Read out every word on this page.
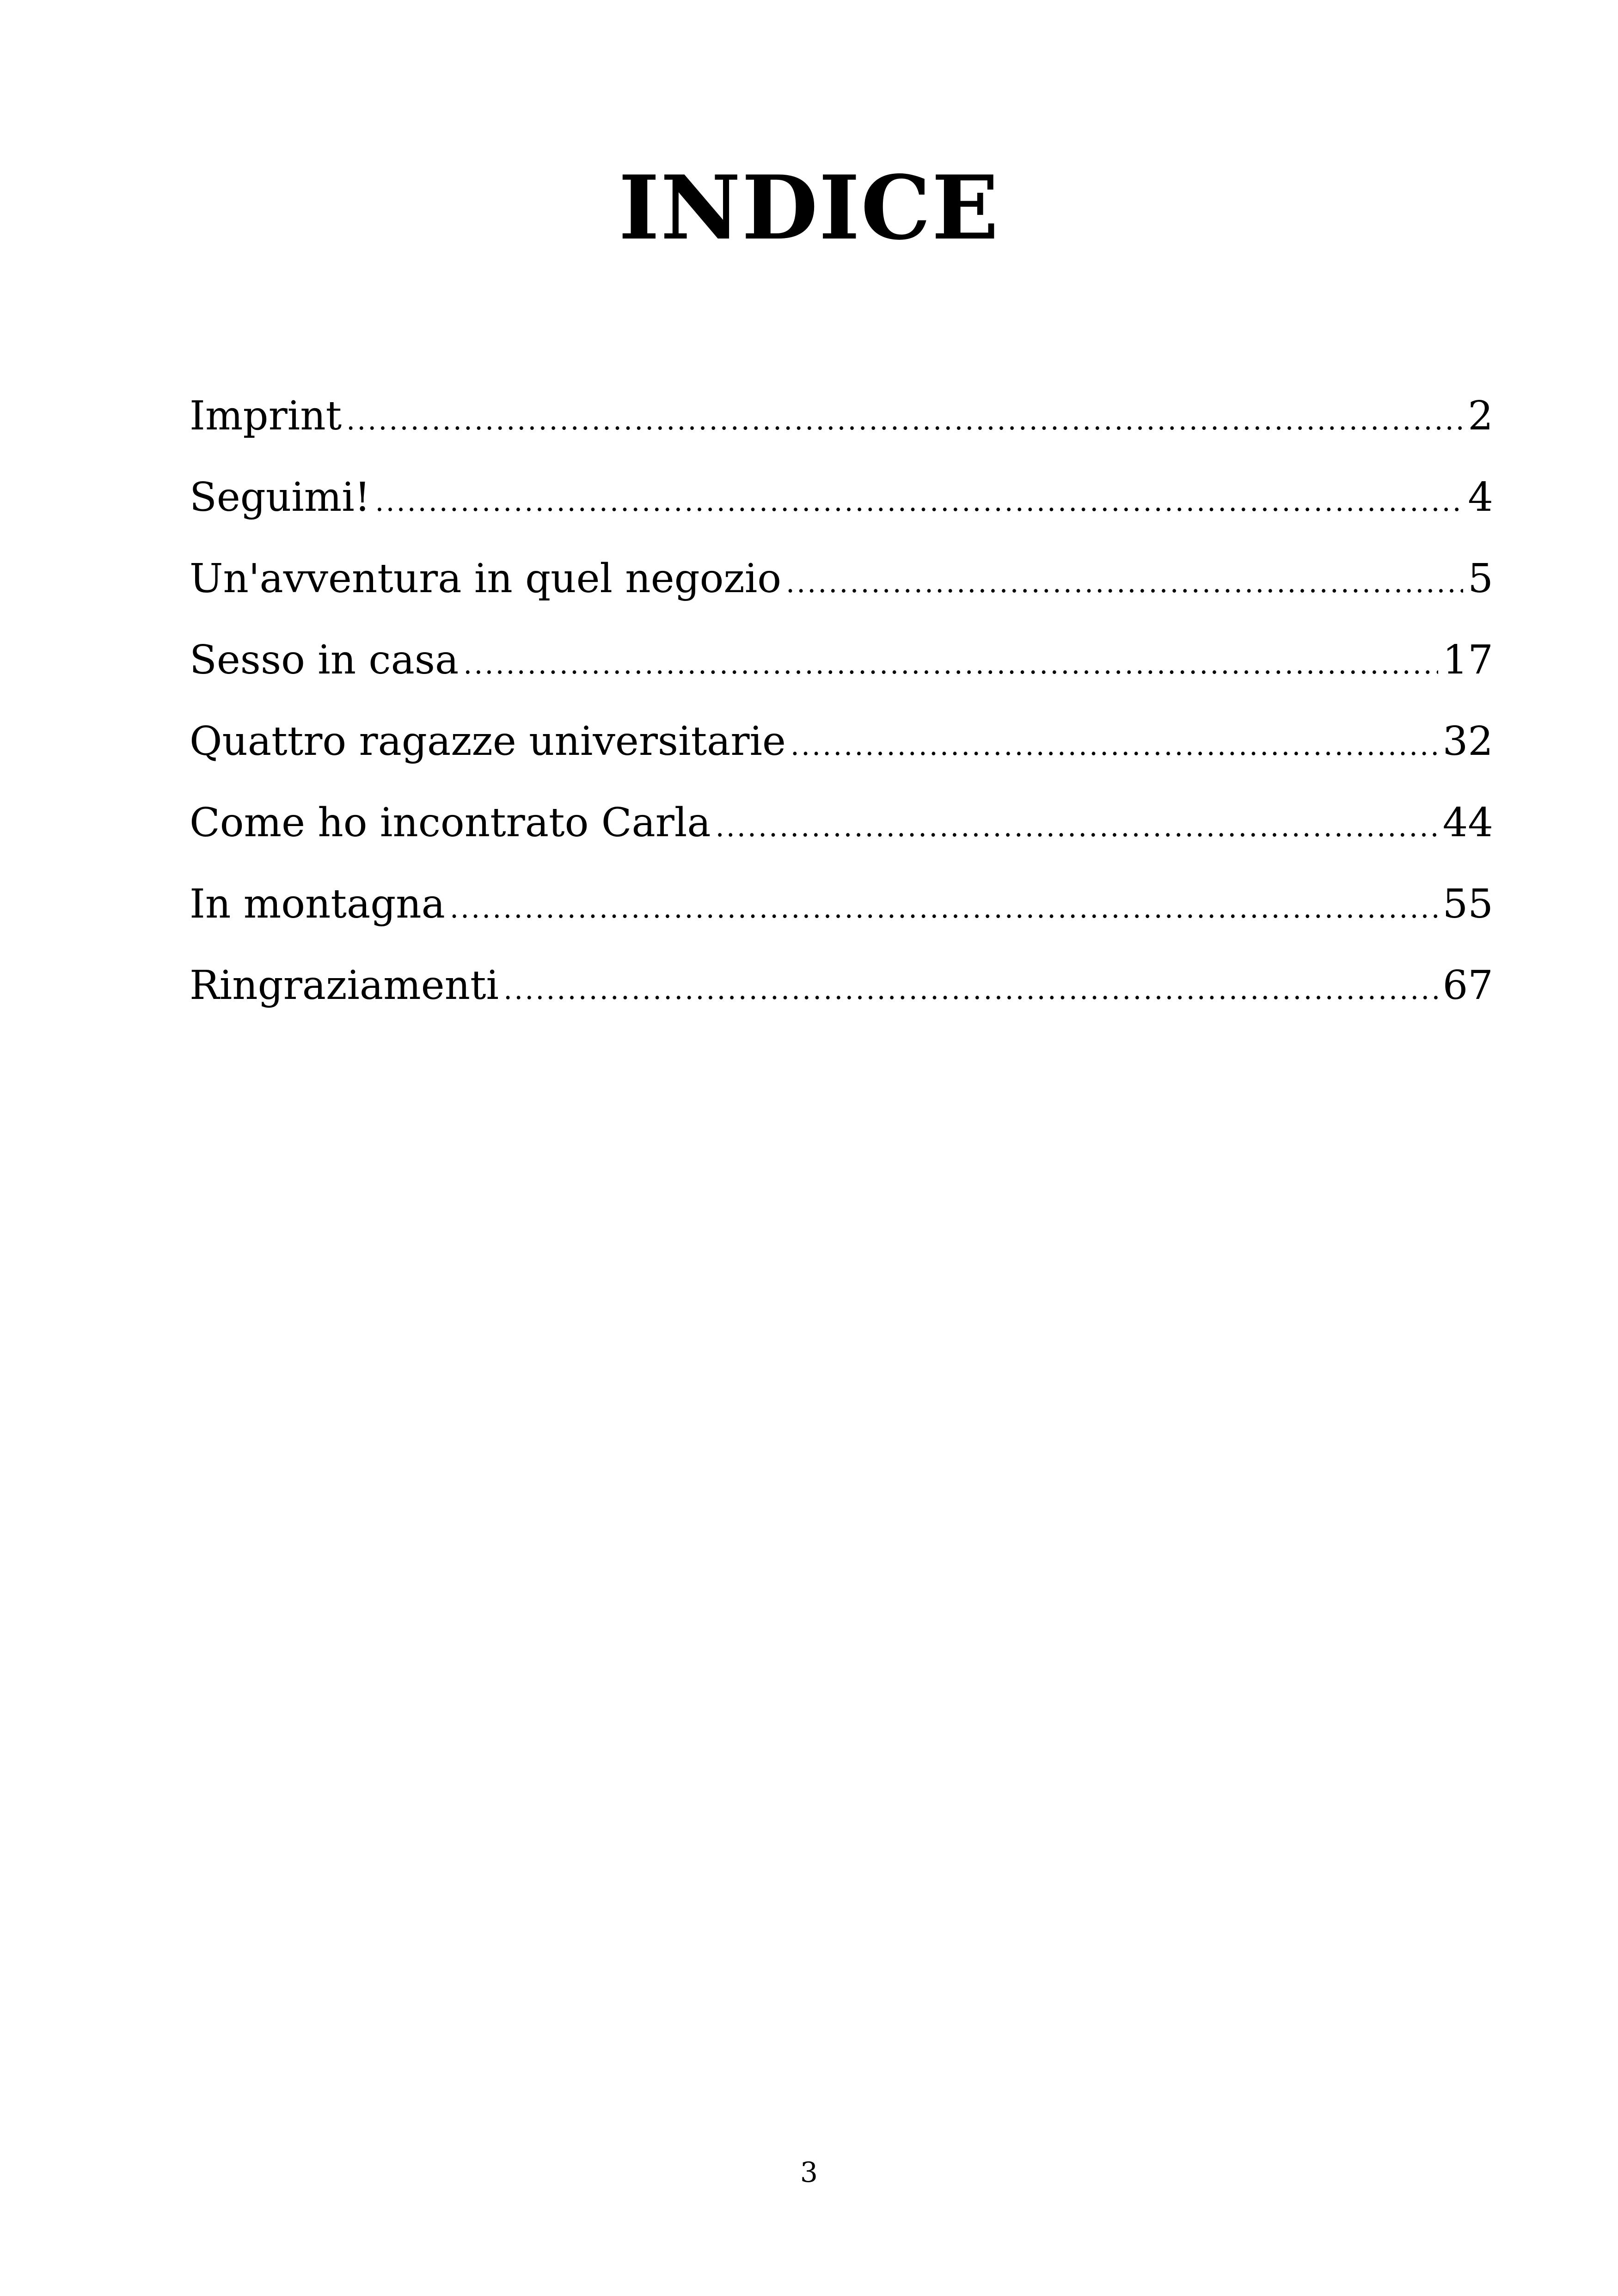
INDICE
Imprint .....	2
Seguimi! .....	4
Un'avventura in quel negozio .....	5
Sesso in casa .....	17
Quattro ragazze universitarie .....	32
Come ho incontrato Carla .....	44
In montagna .....	55
Ringraziamenti .....	67
3
